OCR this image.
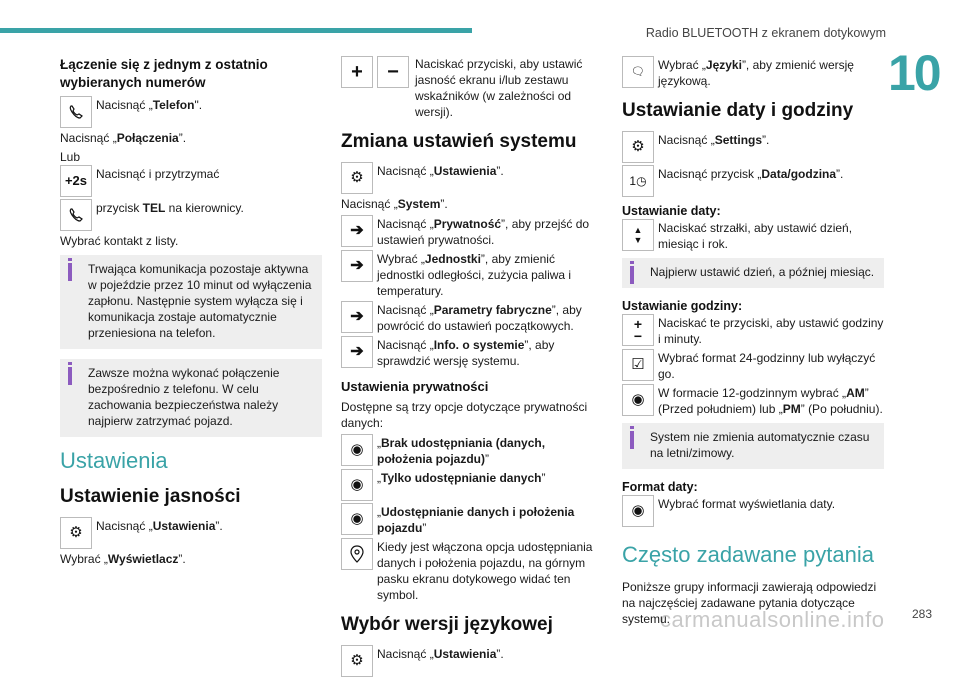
Radio BLUETOOTH z ekranem dotykowym
10
283
carmanualsonline.info
Łączenie się z jednym z ostatnio wybieranych numerów
Nacisnąć „Telefon".
Nacisnąć „Połączenia”.
Lub
+2s Nacisnąć i przytrzymać
przycisk TEL na kierownicy.
Wybrać kontakt z listy.
Trwająca komunikacja pozostaje aktywna w pojeździe przez 10 minut od wyłączenia zapłonu. Następnie system wyłącza się i komunikacja zostaje automatycznie przeniesiona na telefon.
Zawsze można wykonać połączenie bezpośrednio z telefonu. W celu zachowania bezpieczeństwa należy najpierw zatrzymać pojazd.
Ustawienia
Ustawienie jasności
⚙	Nacisnąć „Ustawienia”.
Wybrać „Wyświetlacz”.
+	−	Naciskać przyciski, aby ustawić jasność ekranu i/lub zestawu wskaźników (w zależności od wersji).
Zmiana ustawień systemu
⚙	Nacisnąć „Ustawienia”.
Nacisnąć „System”.
➔	Nacisnąć „Prywatność”, aby przejść do ustawień prywatności.
➔	Wybrać „Jednostki”, aby zmienić jednostki odległości, zużycia paliwa i temperatury.
➔	Nacisnąć „Parametry fabryczne”, aby powrócić do ustawień początkowych.
➔	Nacisnąć „Info. o systemie”, aby sprawdzić wersję systemu.
Ustawienia prywatności
Dostępne są trzy opcje dotyczące prywatności danych:
◉	„Brak udostępniania (danych, położenia pojazdu)”
◉	„Tylko udostępnianie danych”
◉	„Udostępnianie danych i położenia pojazdu”
Kiedy jest włączona opcja udostępniania danych i położenia pojazdu, na górnym pasku ekranu dotykowego widać ten symbol.
Wybór wersji językowej
⚙	Nacisnąć „Ustawienia”.
🗨	Wybrać „Języki”, aby zmienić wersję językową.
Ustawianie daty i godziny
⚙	Nacisnąć „Settings”.
1◷ Nacisnąć przycisk „Data/godzina”.
Ustawianie daty:
▲
▼
Naciskać strzałki, aby ustawić dzień, miesiąc i rok.
Najpierw ustawić dzień, a później miesiąc.
Ustawianie godziny:
+
−
Naciskać te przyciski, aby ustawić godziny i minuty.
☑	Wybrać format 24-godzinny lub wyłączyć go.
◉	W formacie 12-godzinnym wybrać „AM” (Przed południem) lub „PM” (Po południu).
System nie zmienia automatycznie czasu na letni/zimowy.
Format daty:
◉	Wybrać format wyświetlania daty.
Często zadawane pytania
Poniższe grupy informacji zawierają odpowiedzi na najczęściej zadawane pytania dotyczące systemu.
